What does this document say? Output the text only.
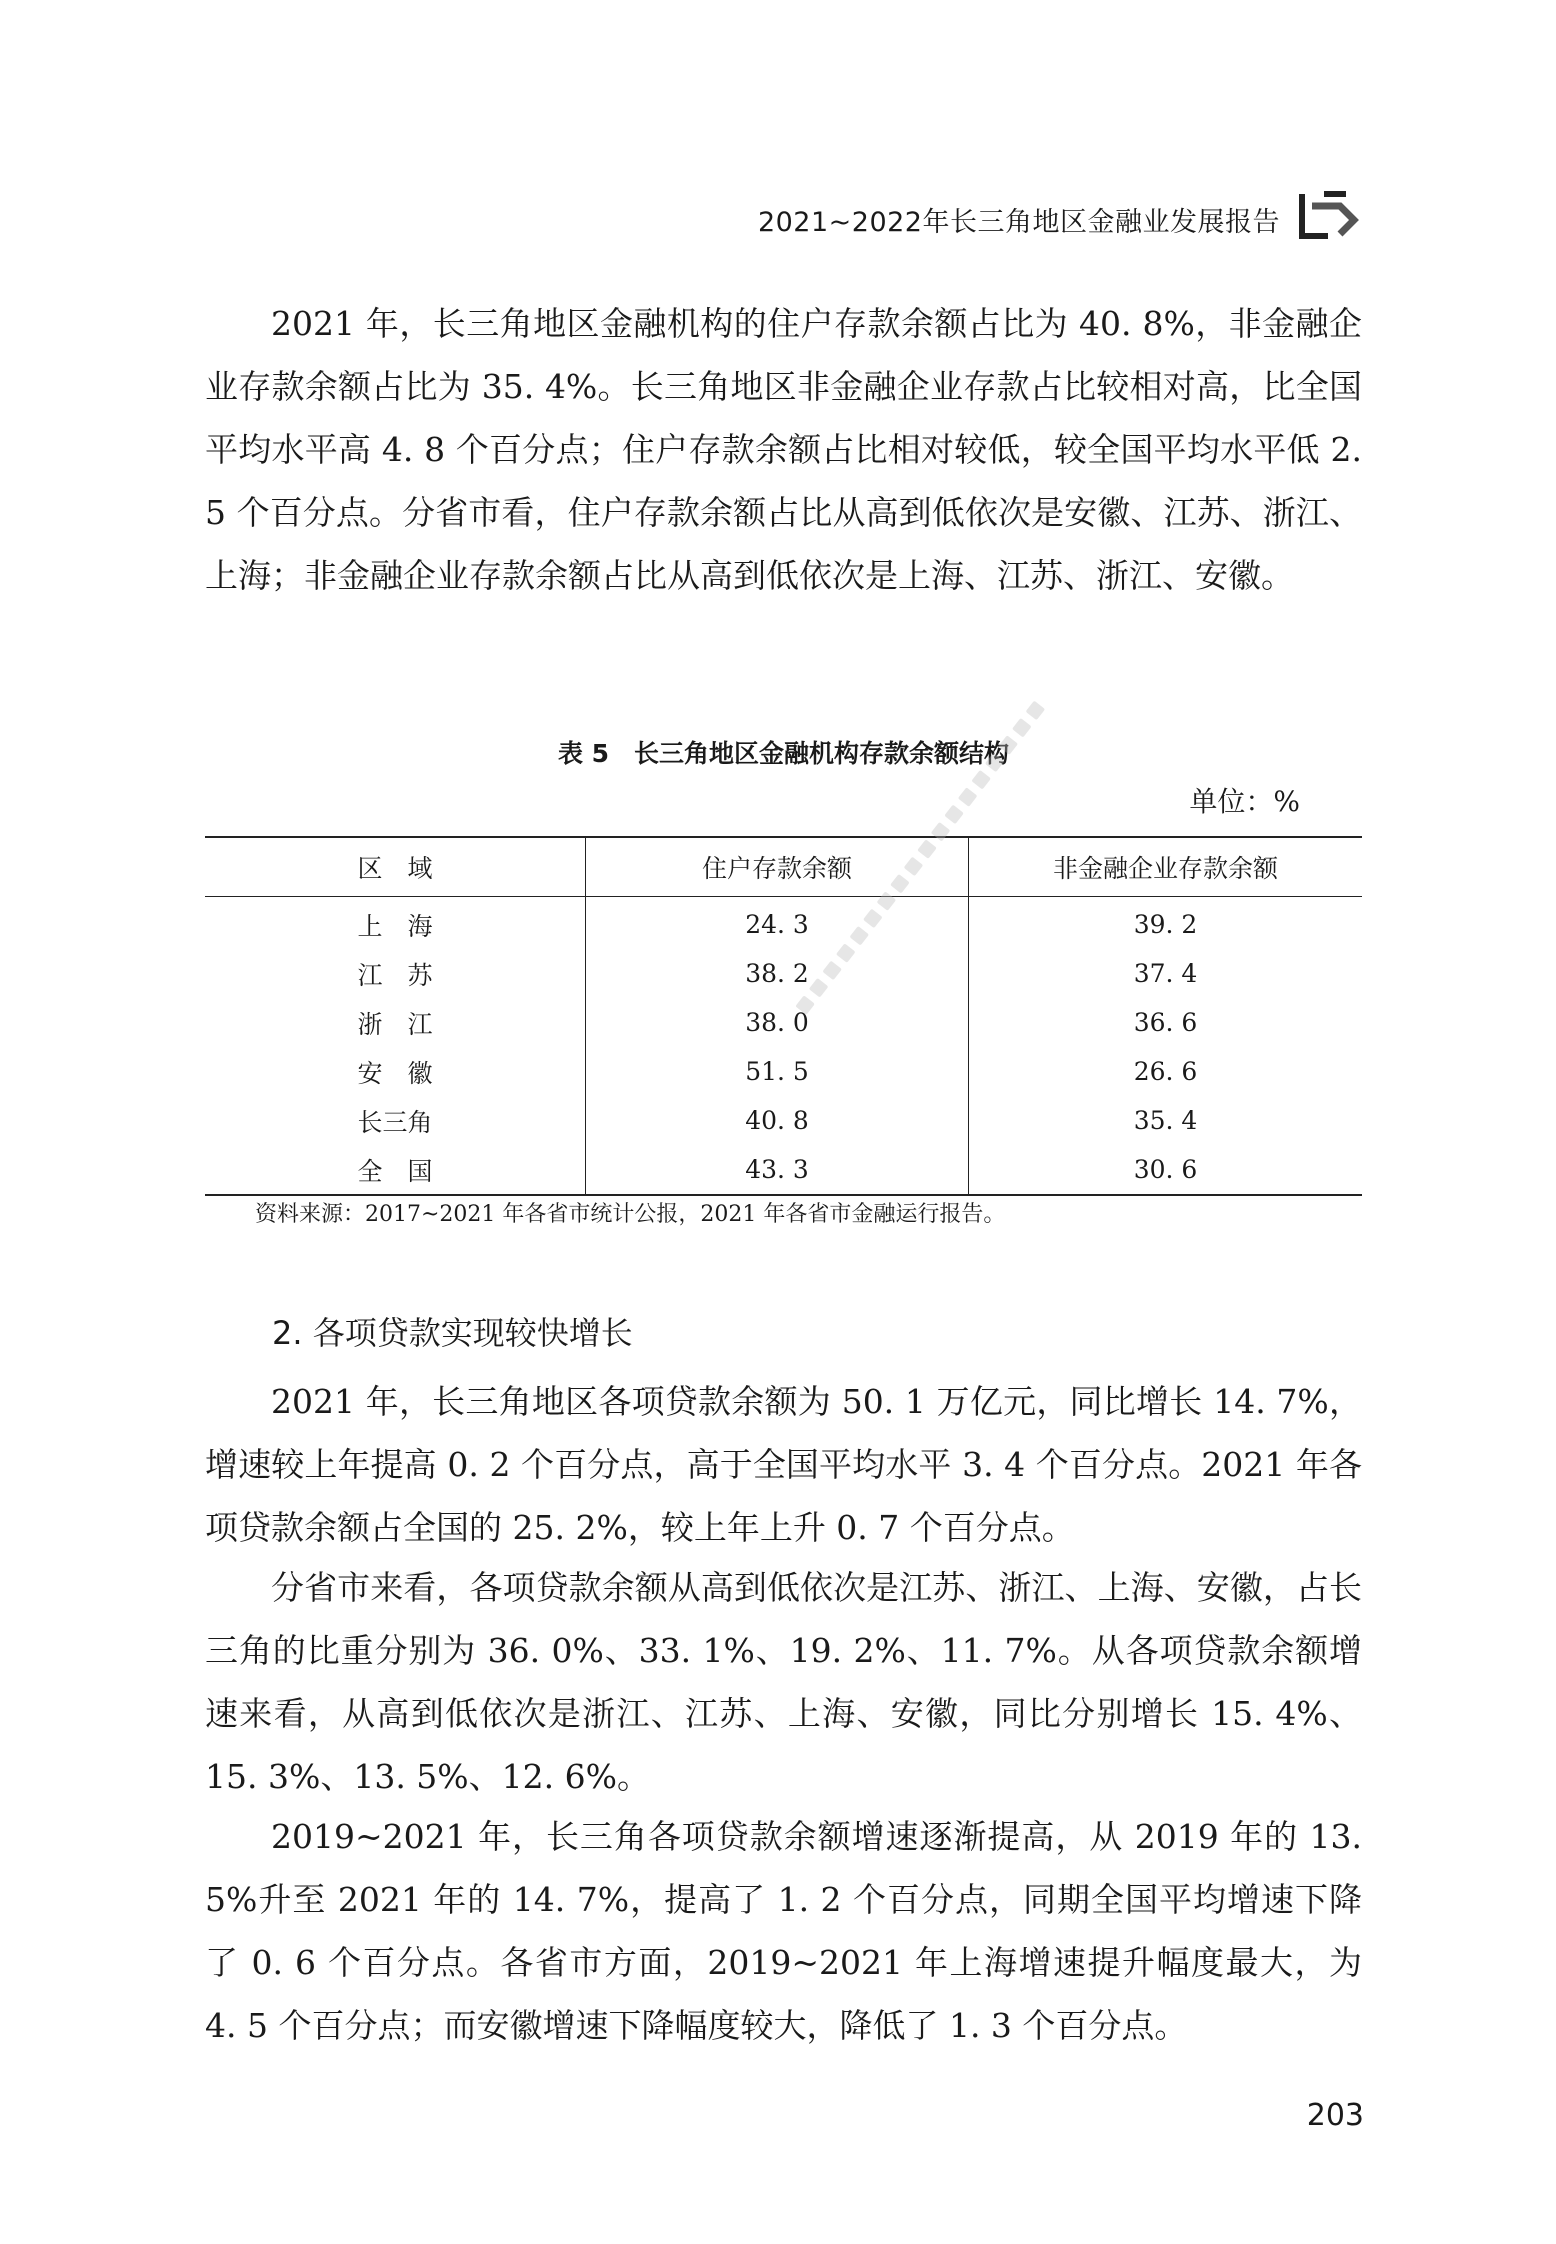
2021~2022年长三角地区金融业发展报告

2021 年，长三角地区金融机构的住户存款余额占比为 40. 8%，非金融企业存款余额占比为 35. 4%。长三角地区非金融企业存款占比较相对高，比全国平均水平高 4. 8 个百分点；住户存款余额占比相对较低，较全国平均水平低 2. 5 个百分点。分省市看，住户存款余额占比从高到低依次是安徽、江苏、浙江、上海；非金融企业存款余额占比从高到低依次是上海、江苏、浙江、安徽。

表 5　长三角地区金融机构存款余额结构
单位：%
区　域	住户存款余额	非金融企业存款余额
上　海	24. 3	39. 2
江　苏	38. 2	37. 4
浙　江	38. 0	36. 6
安　徽	51. 5	26. 6
长三角	40. 8	35. 4
全　国	43. 3	30. 6
资料来源：2017~2021 年各省市统计公报，2021 年各省市金融运行报告。
2. 各项贷款实现较快增长

2021 年，长三角地区各项贷款余额为 50. 1 万亿元，同比增长 14. 7%，增速较上年提高 0. 2 个百分点，高于全国平均水平 3. 4 个百分点。2021 年各项贷款余额占全国的 25. 2%，较上年上升 0. 7 个百分点。

分省市来看，各项贷款余额从高到低依次是江苏、浙江、上海、安徽，占长三角的比重分别为 36. 0%、33. 1%、19. 2%、11. 7%。从各项贷款余额增速来看，从高到低依次是浙江、江苏、上海、安徽，同比分别增长 15. 4%、15. 3%、13. 5%、12. 6%。

2019~2021 年，长三角各项贷款余额增速逐渐提高，从 2019 年的 13. 5%升至 2021 年的 14. 7%，提高了 1. 2 个百分点，同期全国平均增速下降了 0. 6 个百分点。各省市方面，2019~2021 年上海增速提升幅度最大，为 4. 5 个百分点；而安徽增速下降幅度较大，降低了 1. 3 个百分点。

203
